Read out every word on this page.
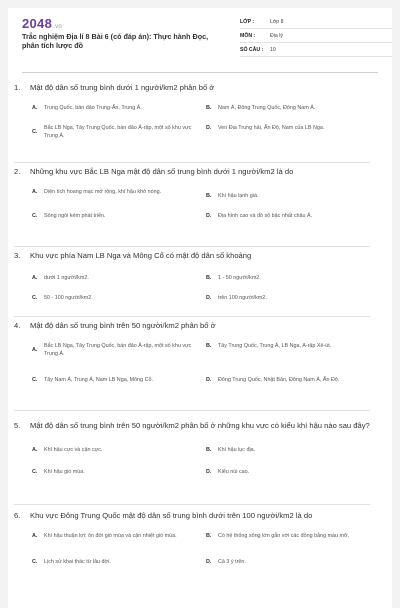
2048.vn
Trắc nghiệm Địa lí 8 Bài 6 (có đáp án): Thực hành Đọc, phân tích lược đồ
LỚP :	Lớp 8
MÔN :	Địa lý
SỐ CÂU :	10
1.	Mật độ dân số trung bình dưới 1 người/km2 phân bố ở
A.	Trung Quốc, bán đảo Trung-Ấn, Trung Á.	B.	Nam Á, Đông Trung Quốc, Đông Nam Á.
C.
Bắc LB Nga, Tây Trung Quốc, bán đảo Ả-rập, một số khu vực Trung Á.
D.	Ven Địa Trung hải, Ấn Độ, Nam của LB Nga.
2.	Những khu vực Bắc LB Nga mật độ dân số trung bình dưới 1 người/km2 là do
A.	Diện tích hoang mạc mở rộng, khí hậu khô nóng.
B.	Khí hậu lạnh giá.
C.	Sông ngòi kém phát triển.	D.	Địa hình cao và đồ sộ bậc nhất châu Á.
3.	Khu vực phía Nam LB Nga và Mông Cổ có mật độ dân số khoảng
A.	dưới 1 người/km2.	B.	1 - 50 người/km2.
C.	50 - 100 người/km2.	D.	trên 100 người/km2.
4.	Mật độ dân số trung bình trên 50 người/km2 phân bố ở
A.
Bắc LB Nga, Tây Trung Quốc, bán đảo Ả-rập, một số khu vực Trung Á.
B.	Tây Trung Quốc, Trung Á, LB Nga, A-rập Xê-út.
C.	Tây Nam Á, Trung Á, Nam LB Nga, Mông Cổ.	D.	Đông Trung Quốc, Nhật Bản, Đông Nam Á, Ấn Độ.
5.	Mật độ dân số trung bình trên 50 người/km2 phân bố ở những khu vực có kiểu khí hậu nào sau đây?
A.	Khí hậu cực và cận cực.	B.	Khí hậu lục địa.
C.	Khí hậu gió mùa.	D.	Kiểu núi cao.
6.	Khu vực Đông Trung Quốc mật độ dân số trung bình dưới trên 100 người/km2 là do
A.	Khí hậu thuận lợi: ôn đới gió mùa và cận nhiệt gió mùa.	B.	Có hệ thống sông lớn gắn với các đồng bằng màu mỡ.
C.	Lịch sử khai thác từ lâu đời.	D.	Cả 3 ý trên.
